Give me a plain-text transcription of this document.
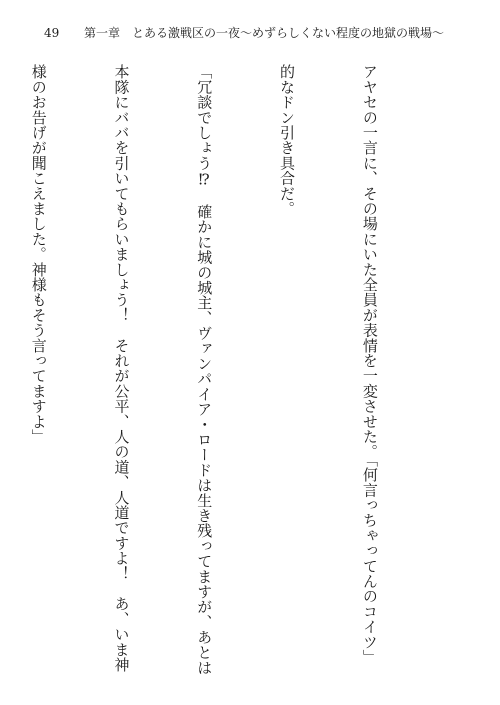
49 第一章　とある激戦区の一夜〜めずらしくない程度の地獄の戦場〜

アヤセの一言に、その場にいた全員が表情を一変させた。「何言っちゃってんのコイツ」

的なドン引き具合だ。

「冗談でしょう⁉　確かに城の城主、ヴァンパイア・ロードは生き残ってますが、あとは

本隊にババを引いてもらいましょう！　それが公平、人の道、人道ですよ！　あ、いま神

様のお告げが聞こえました。神様もそう言ってますよ」
